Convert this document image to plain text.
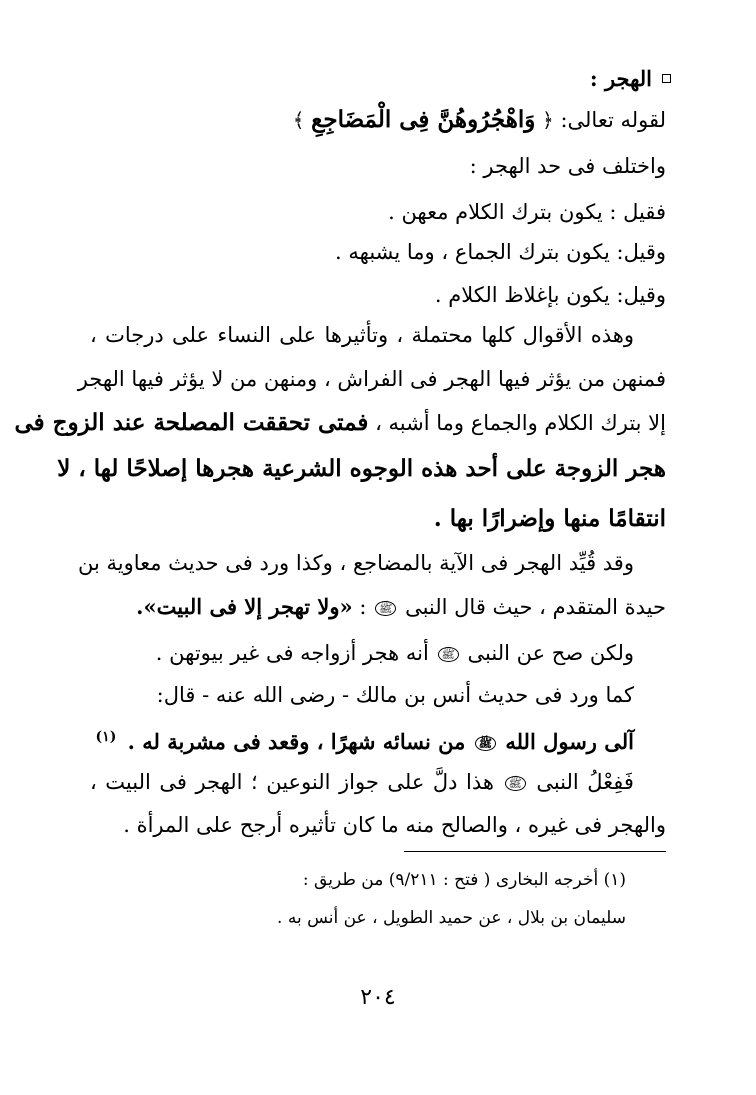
الهجر :
لقوله تعالى: ﴿ وَاهْجُرُوهُنَّ فِى الْمَضَاجِعِ ﴾
واختلف فى حد الهجر :
فقيل : يكون بترك الكلام معهن .
وقيل: يكون بترك الجماع ، وما يشبهه .
وقيل: يكون بإغلاظ الكلام .
وهذه الأقوال كلها محتملة ، وتأثيرها على النساء على درجات ،
فمنهن من يؤثر فيها الهجر فى الفراش ، ومنهن من لا يؤثر فيها الهجر
إلا بترك الكلام والجماع وما أشبه ، فمتى تحققت المصلحة عند الزوج فى
هجر الزوجة على أحد هذه الوجوه الشرعية هجرها إصلاحًا لها ، لا
انتقامًا منها وإضرارًا بها .
وقد قُيِّد الهجر فى الآية بالمضاجع ، وكذا ورد فى حديث معاوية بن
حيدة المتقدم ، حيث قال النبى ﷺ : «ولا تهجر إلا فى البيت».
ولكن صح عن النبى ﷺ أنه هجر أزواجه فى غير بيوتهن .
كما ورد فى حديث أنس بن مالك - رضى الله عنه - قال:
آلى رسول الله ﷺ من نسائه شهرًا ، وقعد فى مشربة له . $^{(١)}$
فَفِعْلُ النبى ﷺ هذا دلَّ على جواز النوعين ؛ الهجر فى البيت ،
والهجر فى غيره ، والصالح منه ما كان تأثيره أرجح على المرأة .
(١) أخرجه البخارى ( فتح : ٩/٢١١) من طريق :
سليمان بن بلال ، عن حميد الطويل ، عن أنس به .
٢٠٤
